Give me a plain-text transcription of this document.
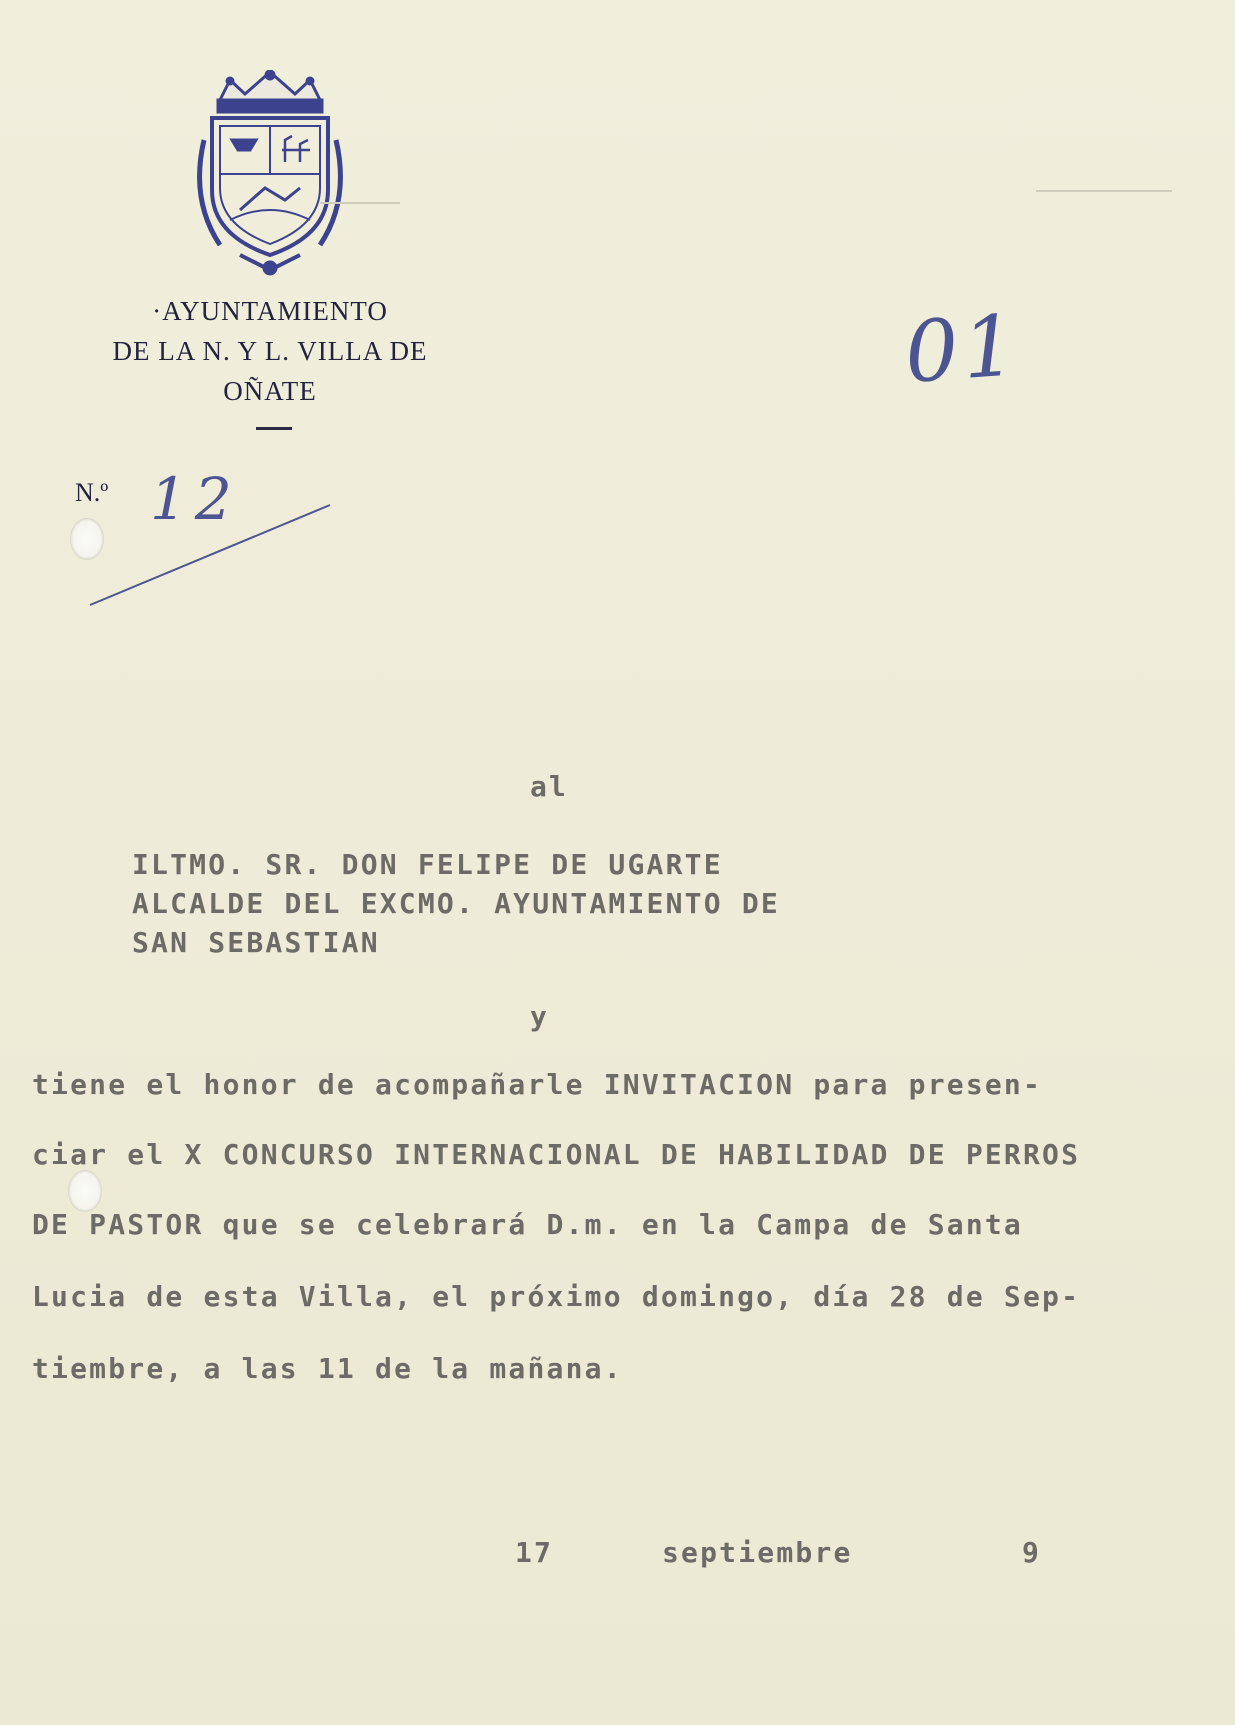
·AYUNTAMIENTO
DE LA N. Y L. VILLA DE
OÑATE
N.º 12
01
al
ILTMO. SR. DON FELIPE DE UGARTE
ALCALDE DEL EXCMO. AYUNTAMIENTO DE
SAN SEBASTIAN
y
tiene el honor de acompañarle INVITACION para presen-
ciar el X CONCURSO INTERNACIONAL DE HABILIDAD DE PERROS
DE PASTOR que se celebrará D.m. en la Campa de Santa
Lucia de esta Villa, el próximo domingo, día 28 de Sep-
tiembre, a las 11 de la mañana.
17	septiembre	9
